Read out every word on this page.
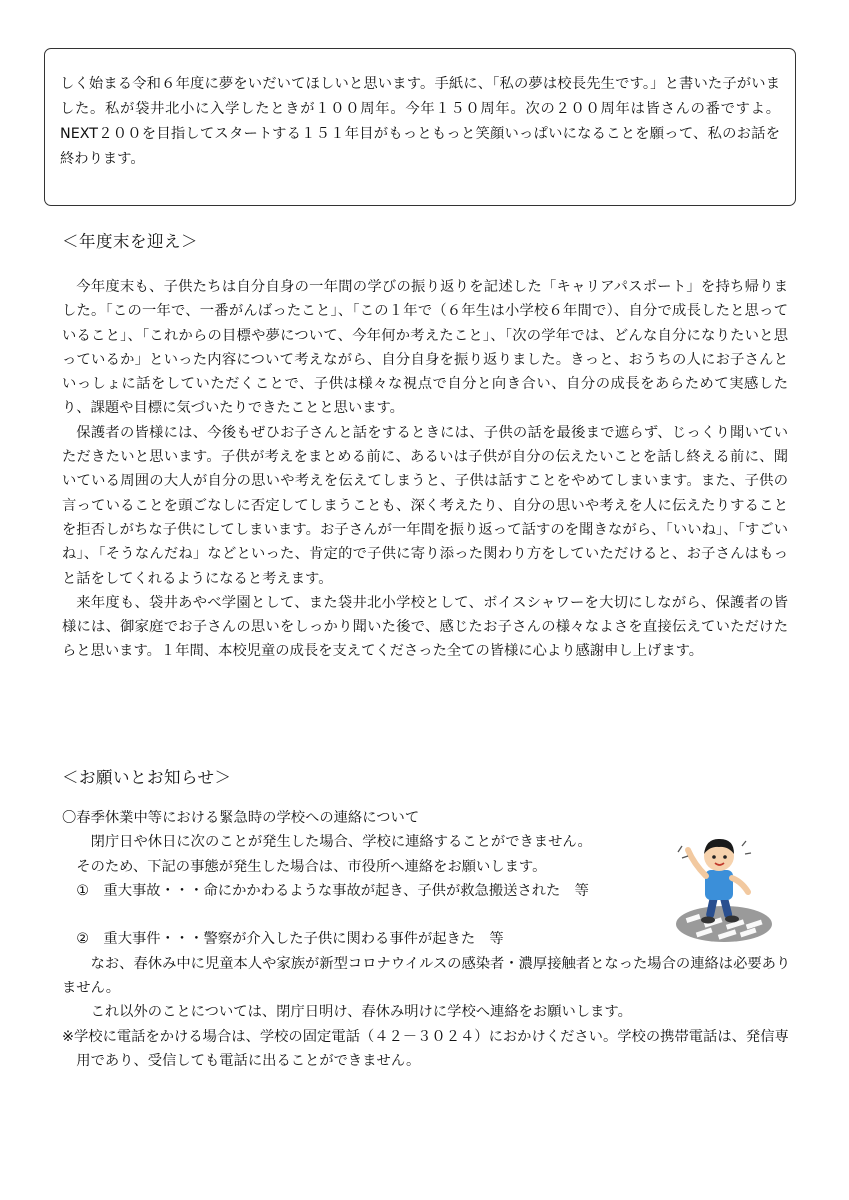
しく始まる令和６年度に夢をいだいてほしいと思います。手紙に、「私の夢は校長先生です。」と書いた子がいました。私が袋井北小に入学したときが１００周年。今年１５０周年。次の２００周年は皆さんの番ですよ。NEXT２００を目指してスタートする１５１年目がもっともっと笑顔いっぱいになることを願って、私のお話を終わります。

＜年度末を迎え＞

今年度末も、子供たちは自分自身の一年間の学びの振り返りを記述した「キャリアパスポート」を持ち帰りました。「この一年で、一番がんばったこと」、「この１年で（６年生は小学校６年間で）、自分で成長したと思っていること」、「これからの目標や夢について、今年何か考えたこと」、「次の学年では、どんな自分になりたいと思っているか」といった内容について考えながら、自分自身を振り返りました。きっと、おうちの人にお子さんといっしょに話をしていただくことで、子供は様々な視点で自分と向き合い、自分の成長をあらためて実感したり、課題や目標に気づいたりできたことと思います。

保護者の皆様には、今後もぜひお子さんと話をするときには、子供の話を最後まで遮らず、じっくり聞いていただきたいと思います。子供が考えをまとめる前に、あるいは子供が自分の伝えたいことを話し終える前に、聞いている周囲の大人が自分の思いや考えを伝えてしまうと、子供は話すことをやめてしまいます。また、子供の言っていることを頭ごなしに否定してしまうことも、深く考えたり、自分の思いや考えを人に伝えたりすることを拒否しがちな子供にしてしまいます。お子さんが一年間を振り返って話すのを聞きながら、「いいね」、「すごいね」、「そうなんだね」などといった、肯定的で子供に寄り添った関わり方をしていただけると、お子さんはもっと話をしてくれるようになると考えます。

来年度も、袋井あやべ学園として、また袋井北小学校として、ボイスシャワーを大切にしながら、保護者の皆様には、御家庭でお子さんの思いをしっかり聞いた後で、感じたお子さんの様々なよさを直接伝えていただけたらと思います。１年間、本校児童の成長を支えてくださった全ての皆様に心より感謝申し上げます。

＜お願いとお知らせ＞
〇春季休業中等における緊急時の学校への連絡について
閉庁日や休日に次のことが発生した場合、学校に連絡することができません。
そのため、下記の事態が発生した場合は、市役所へ連絡をお願いします。
①　重大事故・・・命にかかわるような事故が起き、子供が救急搬送された　等
②　重大事件・・・警察が介入した子供に関わる事件が起きた　等
なお、春休み中に児童本人や家族が新型コロナウイルスの感染者・濃厚接触者となった場合の連絡は必要ありません。
これ以外のことについては、閉庁日明け、春休み明けに学校へ連絡をお願いします。
※学校に電話をかける場合は、学校の固定電話（４２－３０２４）におかけください。学校の携帯電話は、発信専用であり、受信しても電話に出ることができません。
